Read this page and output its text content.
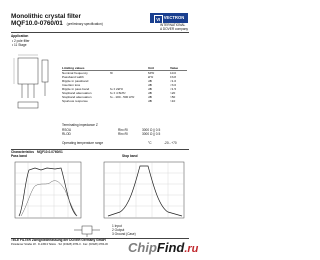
Monolithic crystal filter
MQF10.0-0760/01 (preliminary specification)
VI VECTRON
INTERNATIONAL
A DOVER company
Application
• 2 pole filter
• 11 Stage
Limiting values	Unit	Value
Nominal frequency	f0	MHz	10.0
Passband width	kHz	±3.8
Ripple in passband	dB	<1.0
Insertion loss	dB	<3.0
Ripple in pass band	fo ± 2kHz	dB	<1.5
Stopband attenuation	fo ± 4.5kHz	dB	>20
Stopband attenuation	fo - 100...500 kHz	dB	>50
Spurious response	dB	>10
Terminating impedance Z
RSOU	Rin=Rl	3000 Ω || 0.5
RLOD	Rin=Rl	3000 Ω || 0.5
Operating temperature range	°C	-20...+70
Characteristics MQF10.0-0760/01
Pass band	Stop band
1 Input
2 Output
3 Ground (Case)
TELE FILTER Zweigniederlassung der DOVER Germany GmbH
Potsdamer Straße 18 · D-14513 Teltow · Tel: (03328) 4784-0 · Fax: (03328) 4784-30 ChipFind.ru
